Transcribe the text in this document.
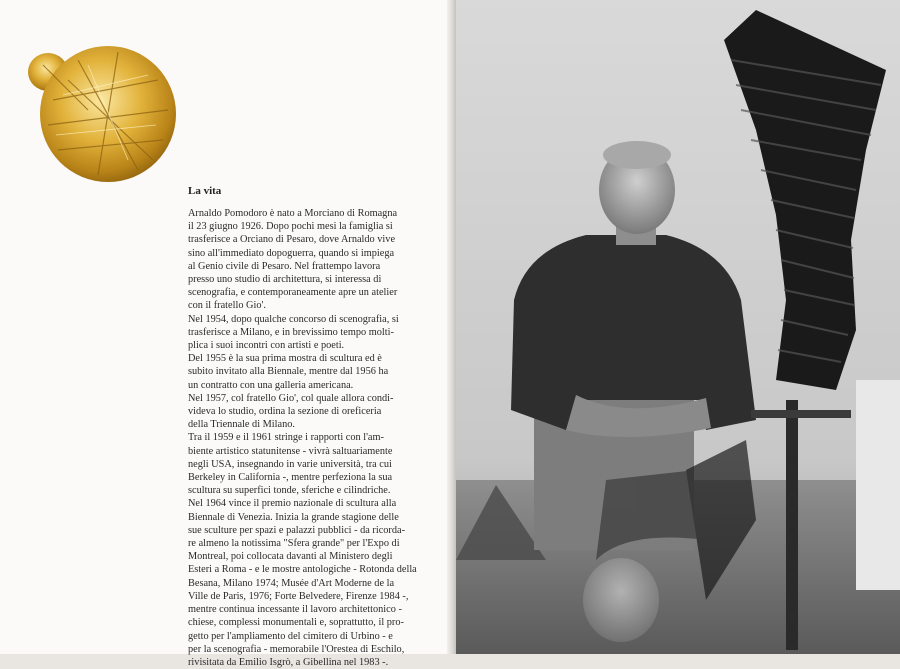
La vita
Arnaldo Pomodoro è nato a Morciano di Romagna
il 23 giugno 1926. Dopo pochi mesi la famiglia si
trasferisce a Orciano di Pesaro, dove Arnaldo vive
sino all'immediato dopoguerra, quando si impiega
al Genio civile di Pesaro. Nel frattempo lavora
presso uno studio di architettura, si interessa di
scenografia, e contemporaneamente apre un atelier
con il fratello Gio'.
Nel 1954, dopo qualche concorso di scenografia, si
trasferisce a Milano, e in brevissimo tempo molti-
plica i suoi incontri con artisti e poeti.
Del 1955 è la sua prima mostra di scultura ed è
subito invitato alla Biennale, mentre dal 1956 ha
un contratto con una galleria americana.
Nel 1957, col fratello Gio', col quale allora condi-
videva lo studio, ordina la sezione di oreficeria
della Triennale di Milano.
Tra il 1959 e il 1961 stringe i rapporti con l'am-
biente artistico statunitense - vivrà saltuariamente
negli USA, insegnando in varie università, tra cui
Berkeley in California -, mentre perfeziona la sua
scultura su superfici tonde, sferiche e cilindriche.
Nel 1964 vince il premio nazionale di scultura alla
Biennale di Venezia. Inizia la grande stagione delle
sue sculture per spazi e palazzi pubblici - da ricorda-
re almeno la notissima "Sfera grande" per l'Expo di
Montreal, poi collocata davanti al Ministero degli
Esteri a Roma - e le mostre antologiche - Rotonda della
Besana, Milano 1974; Musée d'Art Moderne de la
Ville de Paris, 1976; Forte Belvedere, Firenze 1984 -,
mentre continua incessante il lavoro architettonico -
chiese, complessi monumentali e, soprattutto, il pro-
getto per l'ampliamento del cimitero di Urbino - e
per la scenografia - memorabile l'Orestea di Eschilo,
rivisitata da Emilio Isgrò, a Gibellina nel 1983 -.
